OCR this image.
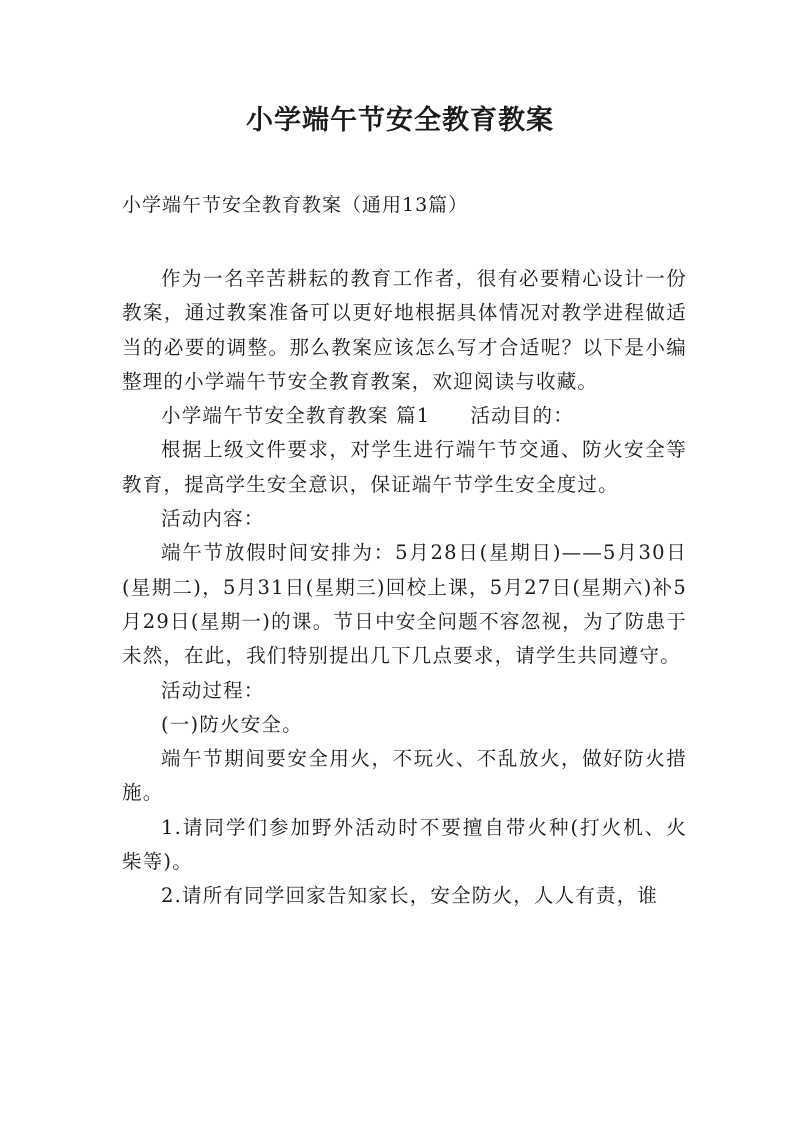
小学端午节安全教育教案

小学端午节安全教育教案（通用13篇）

作为一名辛苦耕耘的教育工作者，很有必要精心设计一份教案，通过教案准备可以更好地根据具体情况对教学进程做适当的必要的调整。那么教案应该怎么写才合适呢？以下是小编整理的小学端午节安全教育教案，欢迎阅读与收藏。

小学端午节安全教育教案 篇1 活动目的：

根据上级文件要求，对学生进行端午节交通、防火安全等教育，提高学生安全意识，保证端午节学生安全度过。

活动内容：

端午节放假时间安排为：5月28日(星期日)——5月30日(星期二)，5月31日(星期三)回校上课，5月27日(星期六)补5月29日(星期一)的课。节日中安全问题不容忽视，为了防患于未然，在此，我们特别提出几下几点要求，请学生共同遵守。

活动过程：

(一)防火安全。

端午节期间要安全用火，不玩火、不乱放火，做好防火措施。

1.请同学们参加野外活动时不要擅自带火种(打火机、火柴等)。

2.请所有同学回家告知家长，安全防火，人人有责，谁
